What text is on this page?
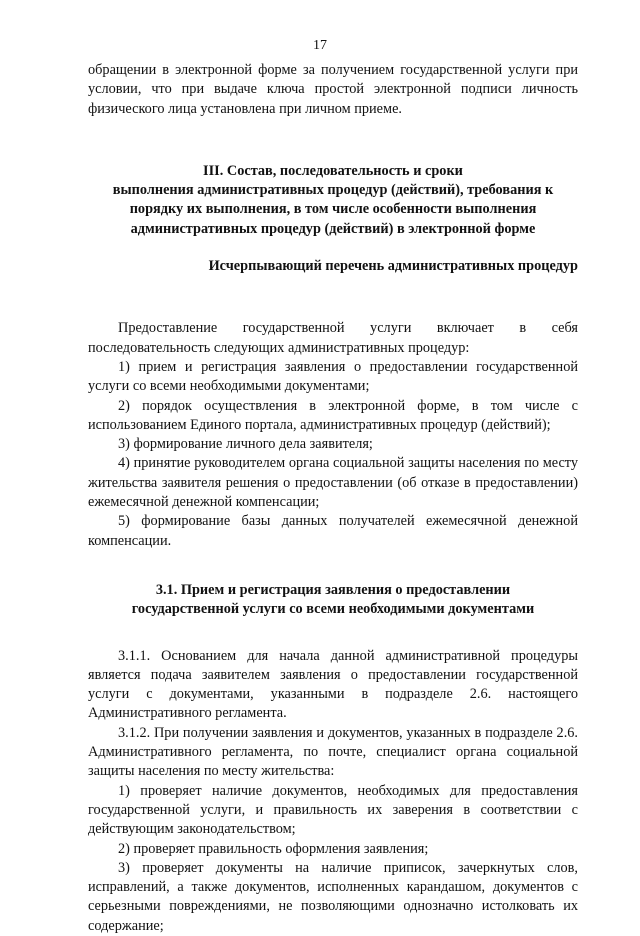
17

обращении в электронной форме за получением государственной услуги при условии, что при выдаче ключа простой электронной подписи личность физического лица установлена при личном приеме.

III. Состав, последовательность и сроки

выполнения административных процедур (действий), требования к

порядку их выполнения, в том числе особенности выполнения

административных процедур (действий) в электронной форме

Исчерпывающий перечень административных процедур

Предоставление государственной услуги включает в себя последовательность следующих административных процедур:

1) прием и регистрация заявления о предоставлении государственной услуги со всеми необходимыми документами;

2) порядок осуществления в электронной форме, в том числе с использованием Единого портала, административных процедур (действий);

3) формирование личного дела заявителя;

4) принятие руководителем органа социальной защиты населения по месту жительства заявителя решения о предоставлении (об отказе в предоставлении) ежемесячной денежной компенсации;

5) формирование базы данных получателей ежемесячной денежной компенсации.

3.1. Прием и регистрация заявления о предоставлении

государственной услуги со всеми необходимыми документами

3.1.1. Основанием для начала данной административной процедуры является подача заявителем заявления о предоставлении государственной услуги с документами, указанными в подразделе 2.6. настоящего Административного регламента.

3.1.2. При получении заявления и документов, указанных в подразделе 2.6. Административного регламента, по почте, специалист органа социальной защиты населения по месту жительства:

1) проверяет наличие документов, необходимых для предоставления государственной услуги, и правильность их заверения в соответствии с действующим законодательством;

2) проверяет правильность оформления заявления;

3) проверяет документы на наличие приписок, зачеркнутых слов, исправлений, а также документов, исполненных карандашом, документов с серьезными повреждениями, не позволяющими однозначно истолковать их содержание;
